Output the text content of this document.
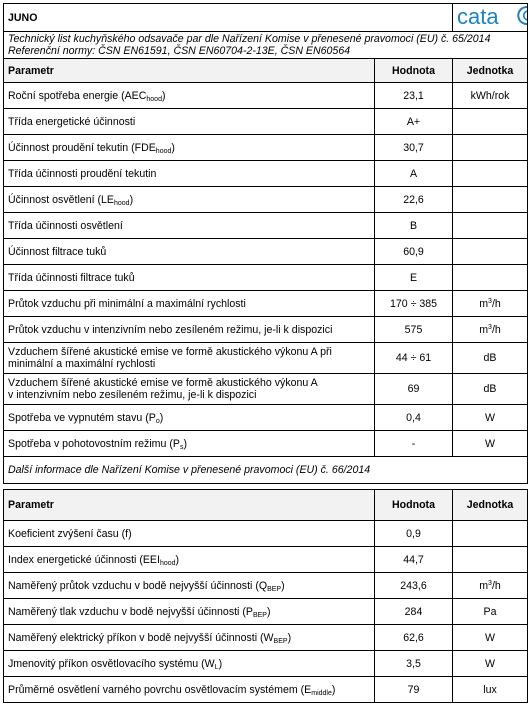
JUNO		cata

Technický list kuchyňského odsavače par dle Nařízení Komise v přenesené pravomoci (EU) č. 65/2014
Referenční normy: ČSN EN61591, ČSN EN60704-2-13E, ČSN EN60564		

Parametr	Hodnota	Jednotka
Roční spotřeba energie $(AEC_{hood})$	23,1	kWh/rok
Třída energetické účinnosti	A+	
Účinnost proudění tekutin $(FDE_{hood})$	30,7	
Třída účinnosti proudění tekutin	A	
Účinnost osvětlení $(LE_{hood})$	22,6	
Třída účinnosti osvětlení	B	
Účinnost filtrace tuků	60,9	
Třída účinnosti filtrace tuků	E	
Průtok vzduchu při minimální a maximální rychlosti	170 ÷ 385	$m^3/h$
Průtok vzduchu v intenzivním nebo zesíleném režimu, je-li k dispozici	575	$m^3/h$
Vzduchem šířené akustické emise ve formě akustického výkonu A při
minimální a maximální rychlosti	44 ÷ 61	dB
Vzduchem šířené akustické emise ve formě akustického výkonu A
v intenzivním nebo zesíleném režimu, je-li k dispozici	69	dB
Spotřeba ve vypnutém stavu $(P_o)$	0,4	W
Spotřeba v pohotovostním režimu $(P_s)$	-	W
Další informace dle Nařízení Komise v přenesené pravomoci (EU) č. 66/2014		

Parametr	Hodnota	Jednotka
Koeficient zvýšení času (f)	0,9	
Index energetické účinnosti $(EEI_{hood})$	44,7	
Naměřený průtok vzduchu v bodě nejvyšší účinnosti $(Q_{BEP})$	243,6	$m^3/h$
Naměřený tlak vzduchu v bodě nejvyšší účinnosti $(P_{BEP})$	284	Pa
Naměřený elektrický příkon v bodě nejvyšší účinnosti $(W_{BEP})$	62,6	W
Jmenovitý příkon osvětlovacího systému $(W_L)$	3,5	W
Průměrné osvětlení varného povrchu osvětlovacím systémem $(E_{middle})$	79	lux
